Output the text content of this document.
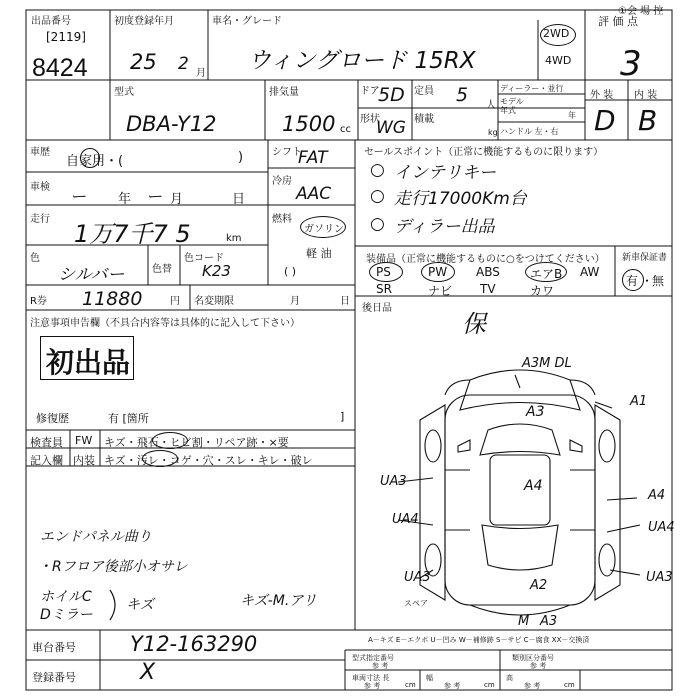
出品番号
[2119]
8424
初度登録年月
25 2 月
車名・グレード
ウィングロード 15RX
2WD
4WD
評 価 点
①会 場 控
3
型式
DBA-Y12
排気量
1500 cc
ドア
5D 定員 5 人
ディーラー・並行
モデル年式
年
形状
WG 積載
kg ハンドル 左・右
外 装 内 装
D B
車歴
自家用・(	)	シフト
FAT
車検 ー 年 ー 月	日
冷房
AAC
走行
1万7千7 5	km
燃料
ガソリン
軽 油
( )
色
シルバー	色替
色コード
K23
R券 11880	円 名変期限	月	日
セールスポイント（正常に機能するものに限ります）
○ インテリキー
○ 走行17000Km台
○ ディラー出品
装備品（正常に機能するものに○をつけてください） 新車保証書
PS	PW ABS	エアB AW
SR	ナビ TV	カワ
有 ・
無
後日品
保
注意事項申告欄（不具合内容等は具体的に記入して下さい）
初出品
修復歴	有 [箇所	]
検査員
記入欄
FW キズ・飛石・ヒビ割・リペア跡・×要
内装 キズ・汚レ・コゲ・穴・スレ・キレ・破レ
エンドパネル曲り
・Rフロア後部小オサレ
ホイルC
Dミラー
キズ	キズ-M.アリ
A3M DL
A1
A3
UA3	A4
A4
UA4
UA4
UA3	UA3
A2
M A3
スペア
車台番号	Y12-163290
登録番号	X
A－キズ E－エクボ U－凹み W－補修跡 S－サビ C－腐食 XX－交換済
型式指定番号
参 考
類別区分番号
参 考
車両寸法 長
参 考	cm
幅
参 考	cm
高
参 考	cm
